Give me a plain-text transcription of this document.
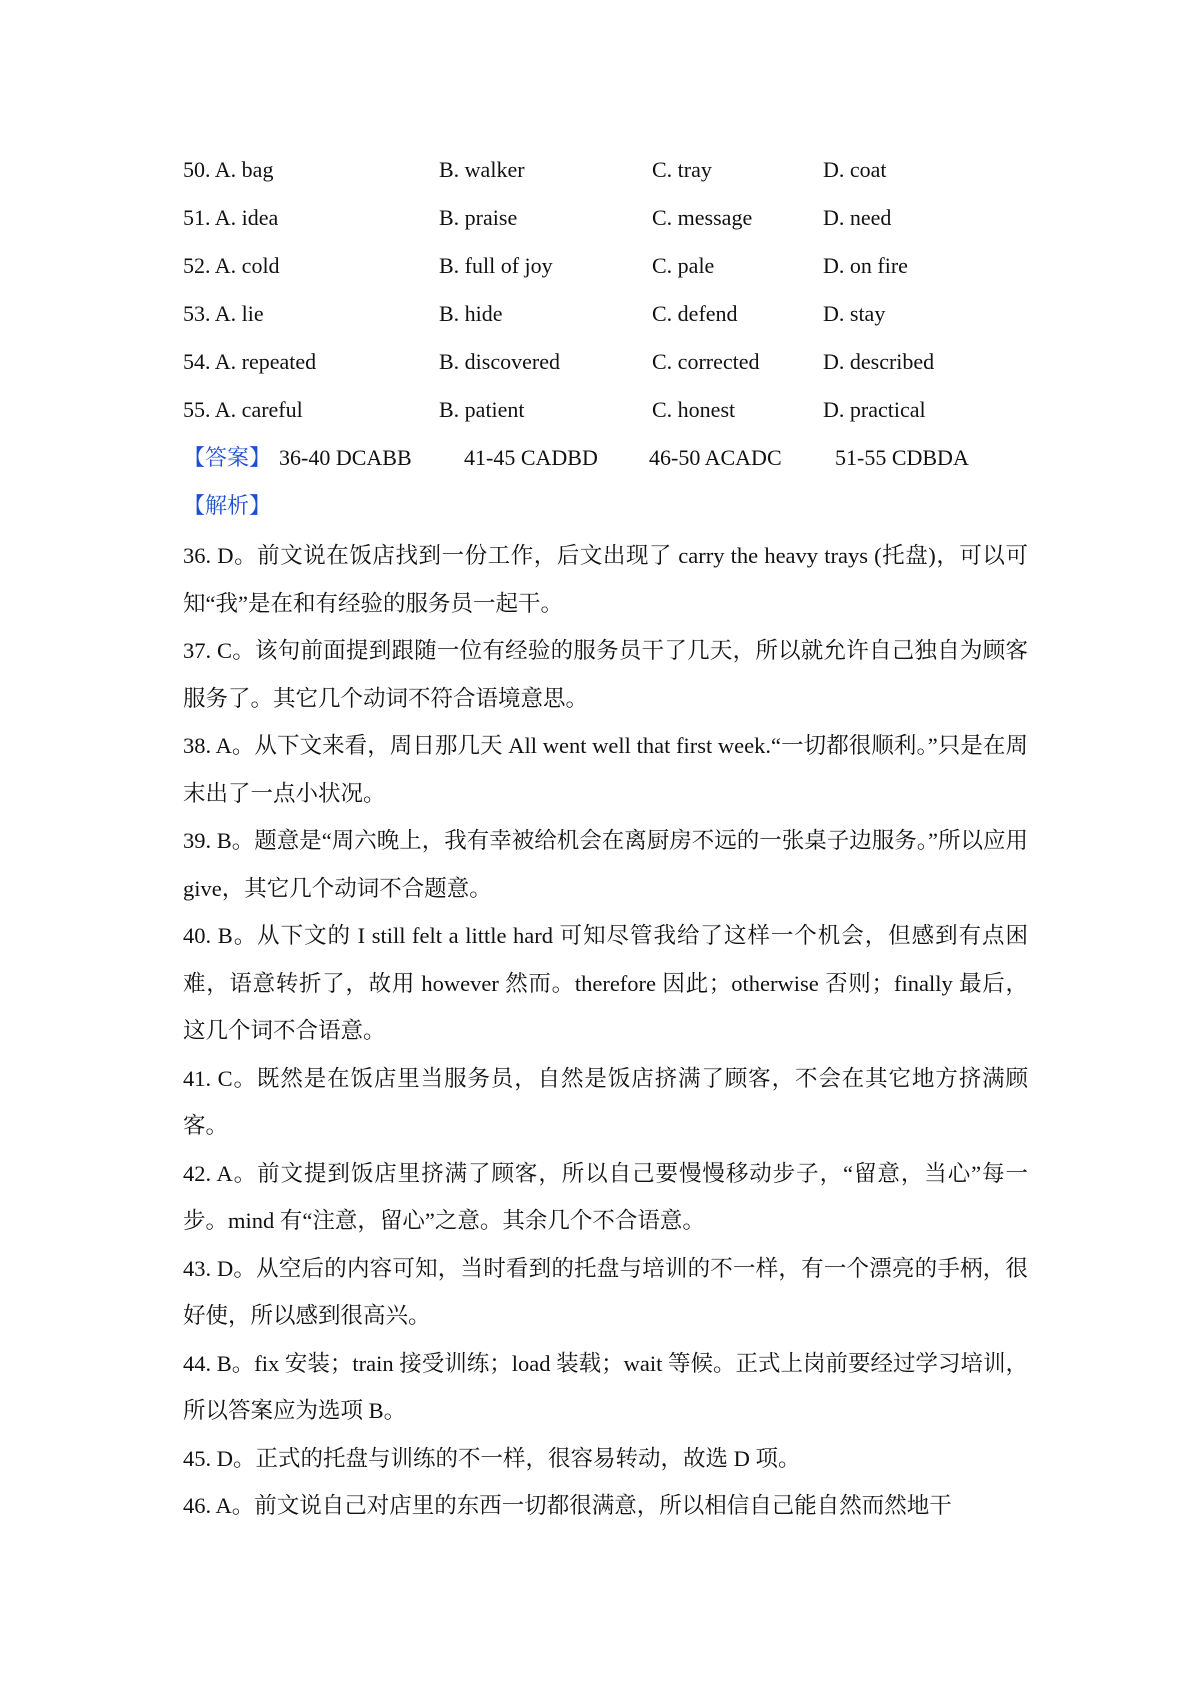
50. A. bag	B. walker	C. tray	D. coat
51. A. idea	B. praise	C. message	D. need
52. A. cold	B. full of joy	C. pale	D. on fire
53. A. lie	B. hide	C. defend	D. stay
54. A. repeated	B. discovered	C. corrected	D. described
55. A. careful	B. patient	C. honest	D. practical
【答案】 36-40 DCABB 41-45 CADBD 46-50 ACADC 51-55 CDBDA
【解析】

36. D。前文说在饭店找到一份工作，后文出现了 carry the heavy trays (托盘)，可以可知“我”是在和有经验的服务员一起干。

37. C。该句前面提到跟随一位有经验的服务员干了几天，所以就允许自己独自为顾客服务了。其它几个动词不符合语境意思。

38. A。从下文来看，周日那几天 All went well that first week.“一切都很顺利。”只是在周末出了一点小状况。

39. B。题意是“周六晚上，我有幸被给机会在离厨房不远的一张桌子边服务。”所以应用 give，其它几个动词不合题意。

40. B。从下文的 I still felt a little hard 可知尽管我给了这样一个机会，但感到有点困难，语意转折了，故用 however 然而。therefore 因此；otherwise 否则；finally 最后，这几个词不合语意。

41. C。既然是在饭店里当服务员，自然是饭店挤满了顾客，不会在其它地方挤满顾客。

42. A。前文提到饭店里挤满了顾客，所以自己要慢慢移动步子，“留意，当心”每一步。mind 有“注意，留心”之意。其余几个不合语意。

43. D。从空后的内容可知，当时看到的托盘与培训的不一样，有一个漂亮的手柄，很好使，所以感到很高兴。

44. B。fix 安装；train 接受训练；load 装载；wait 等候。正式上岗前要经过学习培训，所以答案应为选项 B。

45. D。正式的托盘与训练的不一样，很容易转动，故选 D 项。

46. A。前文说自己对店里的东西一切都很满意，所以相信自己能自然而然地干
